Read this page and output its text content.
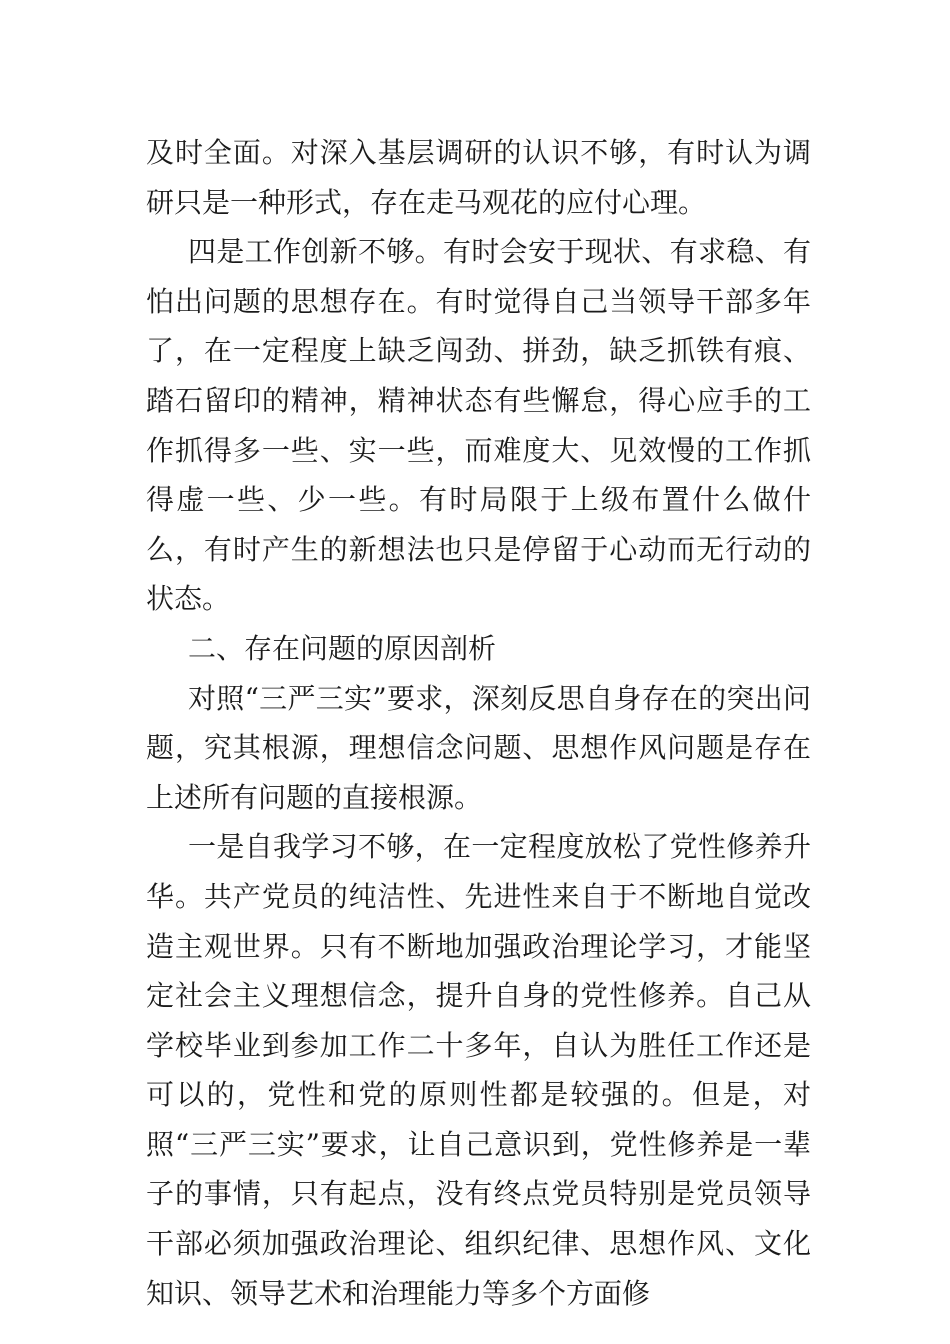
及时全面。对深入基层调研的认识不够，有时认为调研只是一种形式，存在走马观花的应付心理。

四是工作创新不够。有时会安于现状、有求稳、有怕出问题的思想存在。有时觉得自己当领导干部多年了，在一定程度上缺乏闯劲、拼劲，缺乏抓铁有痕、踏石留印的精神，精神状态有些懈怠，得心应手的工作抓得多一些、实一些，而难度大、见效慢的工作抓得虚一些、少一些。有时局限于上级布置什么做什么，有时产生的新想法也只是停留于心动而无行动的状态。

二、存在问题的原因剖析

对照“三严三实”要求，深刻反思自身存在的突出问题，究其根源，理想信念问题、思想作风问题是存在上述所有问题的直接根源。

一是自我学习不够，在一定程度放松了党性修养升华。共产党员的纯洁性、先进性来自于不断地自觉改造主观世界。只有不断地加强政治理论学习，才能坚定社会主义理想信念，提升自身的党性修养。自己从学校毕业到参加工作二十多年，自认为胜任工作还是可以的，党性和党的原则性都是较强的。但是，对照“三严三实”要求，让自己意识到，党性修养是一辈子的事情，只有起点，没有终点党员特别是党员领导干部必须加强政治理论、组织纪律、思想作风、文化知识、领导艺术和治理能力等多个方面修
